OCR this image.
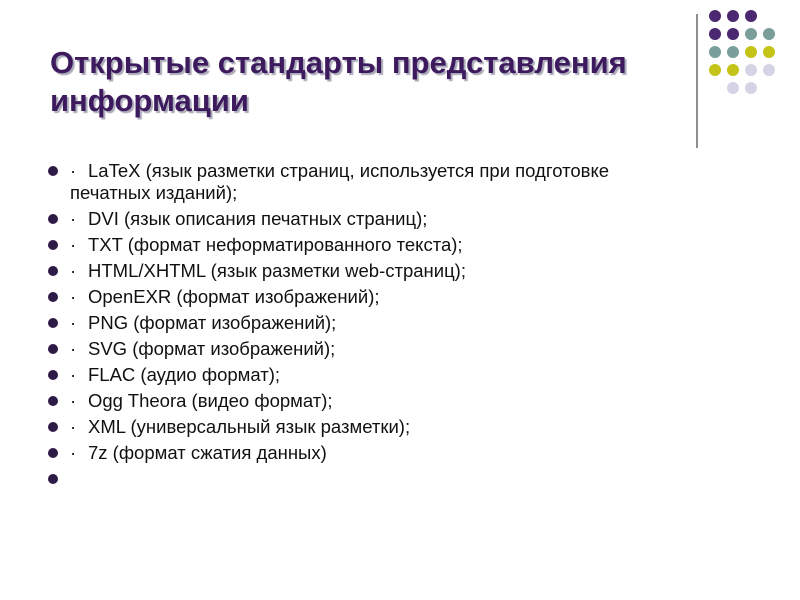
Открытые стандарты представления информации
· LaTeX (язык разметки страниц, используется при подготовке печатных изданий);
· DVI (язык описания печатных страниц);
· TXT (формат неформатированного текста);
· HTML/XHTML (язык разметки web-страниц);
· OpenEXR (формат изображений);
· PNG (формат изображений);
· SVG (формат изображений);
· FLAC (аудио формат);
· Ogg Theora (видео формат);
· XML (универсальный язык разметки);
· 7z (формат сжатия данных)
